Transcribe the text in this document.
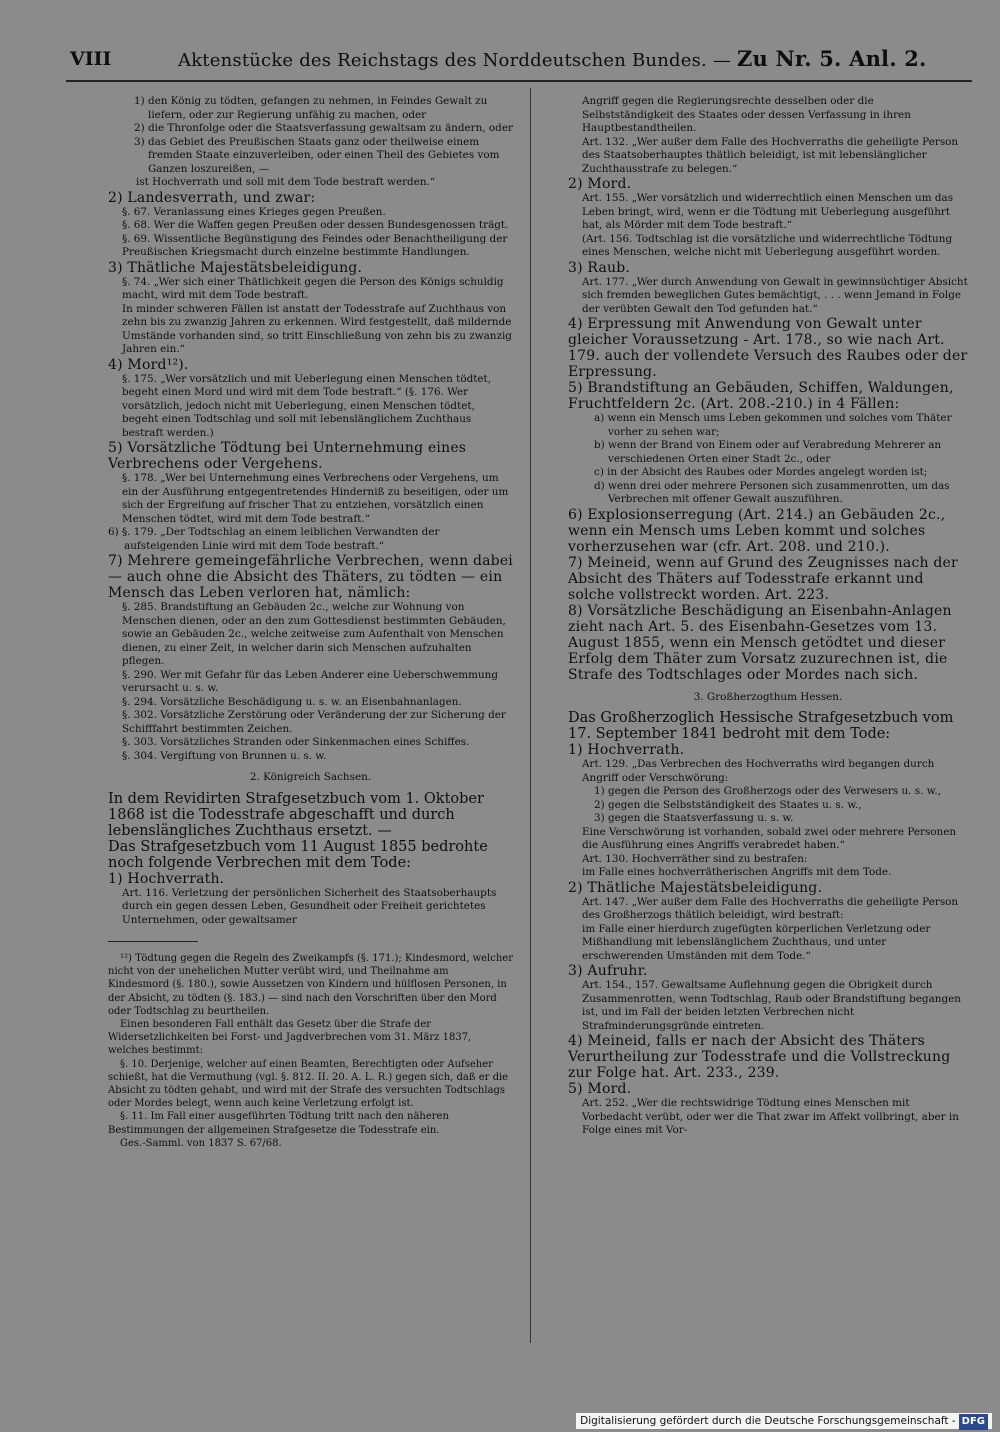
VIII	Aktenstücke des Reichstags des Norddeutschen Bundes. — Zu Nr. 5. Anl. 2.

1) den König zu tödten, gefangen zu nehmen, in Feindes Gewalt zu liefern, oder zur Regierung unfähig zu machen, oder

2) die Thronfolge oder die Staatsverfassung gewaltsam zu ändern, oder

3) das Gebiet des Preußischen Staats ganz oder theilweise einem fremden Staate einzuverleiben, oder einen Theil des Gebietes vom Ganzen loszureißen, —

ist Hochverrath und soll mit dem Tode bestraft werden.“

2) Landesverrath, und zwar:

§. 67. Veranlassung eines Krieges gegen Preußen.

§. 68. Wer die Waffen gegen Preußen oder dessen Bundesgenossen trägt.

§. 69. Wissentliche Begünstigung des Feindes oder Benachtheiligung der Preußischen Kriegsmacht durch einzelne bestimmte Handlungen.

3) Thätliche Majestätsbeleidigung.

§. 74. „Wer sich einer Thätlichkeit gegen die Person des Königs schuldig macht, wird mit dem Tode bestraft.

In minder schweren Fällen ist anstatt der Todesstrafe auf Zuchthaus von zehn bis zu zwanzig Jahren zu erkennen. Wird festgestellt, daß mildernde Umstände vorhanden sind, so tritt Einschließung von zehn bis zu zwanzig Jahren ein.“

4) Mord¹²).

§. 175. „Wer vorsätzlich und mit Ueberlegung einen Menschen tödtet, begeht einen Mord und wird mit dem Tode bestraft.“ (§. 176. Wer vorsätzlich, jedoch nicht mit Ueberlegung, einen Menschen tödtet, begeht einen Todtschlag und soll mit lebenslänglichem Zuchthaus bestraft werden.)

5) Vorsätzliche Tödtung bei Unternehmung eines Verbrechens oder Vergehens.

§. 178. „Wer bei Unternehmung eines Verbrechens oder Vergehens, um ein der Ausführung entgegentretendes Hinderniß zu beseitigen, oder um sich der Ergreifung auf frischer That zu entziehen, vorsätzlich einen Menschen tödtet, wird mit dem Tode bestraft.“

6) §. 179. „Der Todtschlag an einem leiblichen Verwandten der aufsteigenden Linie wird mit dem Tode bestraft.“

7) Mehrere gemeingefährliche Verbrechen, wenn dabei — auch ohne die Absicht des Thäters, zu tödten — ein Mensch das Leben verloren hat, nämlich:

§. 285. Brandstiftung an Gebäuden 2c., welche zur Wohnung von Menschen dienen, oder an den zum Gottesdienst bestimmten Gebäuden, sowie an Gebäuden 2c., welche zeitweise zum Aufenthalt von Menschen dienen, zu einer Zeit, in welcher darin sich Menschen aufzuhalten pflegen.

§. 290. Wer mit Gefahr für das Leben Anderer eine Ueberschwemmung verursacht u. s. w.

§. 294. Vorsätzliche Beschädigung u. s. w. an Eisenbahnanlagen.

§. 302. Vorsätzliche Zerstörung oder Veränderung der zur Sicherung der Schifffahrt bestimmten Zeichen.

§. 303. Vorsätzliches Stranden oder Sinkenmachen eines Schiffes.

§. 304. Vergiftung von Brunnen u. s. w.

2. Königreich Sachsen.

In dem Revidirten Strafgesetzbuch vom 1. Oktober 1868 ist die Todesstrafe abgeschafft und durch lebenslängliches Zuchthaus ersetzt. —

Das Strafgesetzbuch vom 11 August 1855 bedrohte noch folgende Verbrechen mit dem Tode:

1) Hochverrath.

Art. 116. Verletzung der persönlichen Sicherheit des Staatsoberhaupts durch ein gegen dessen Leben, Gesundheit oder Freiheit gerichtetes Unternehmen, oder gewaltsamer

¹²) Tödtung gegen die Regeln des Zweikampfs (§. 171.); Kindesmord, welcher nicht von der unehelichen Mutter verübt wird, und Theilnahme am Kindesmord (§. 180.), sowie Aussetzen von Kindern und hülflosen Personen, in der Absicht, zu tödten (§. 183.) — sind nach den Vorschriften über den Mord oder Todtschlag zu beurtheilen.

Einen besonderen Fall enthält das Gesetz über die Strafe der Widersetzlichkeiten bei Forst- und Jagdverbrechen vom 31. März 1837, welches bestimmt:

§. 10. Derjenige, welcher auf einen Beamten, Berechtigten oder Aufseher schießt, hat die Vermuthung (vgl. §. 812. II. 20. A. L. R.) gegen sich, daß er die Absicht zu tödten gehabt, und wird mit der Strafe des versuchten Todtschlags oder Mordes belegt, wenn auch keine Verletzung erfolgt ist.

§. 11. Im Fall einer ausgeführten Tödtung tritt nach den näheren Bestimmungen der allgemeinen Strafgesetze die Todesstrafe ein.

Ges.-Samml. von 1837 S. 67/68.

Angriff gegen die Regierungsrechte desselben oder die Selbstständigkeit des Staates oder dessen Verfassung in ihren Hauptbestandtheilen.

Art. 132. „Wer außer dem Falle des Hochverraths die geheiligte Person des Staatsoberhauptes thätlich beleidigt, ist mit lebenslänglicher Zuchthausstrafe zu belegen.“

2) Mord.

Art. 155. „Wer vorsätzlich und widerrechtlich einen Menschen um das Leben bringt, wird, wenn er die Tödtung mit Ueberlegung ausgeführt hat, als Mörder mit dem Tode bestraft.“

(Art. 156. Todtschlag ist die vorsätzliche und widerrechtliche Tödtung eines Menschen, welche nicht mit Ueberlegung ausgeführt worden.

3) Raub.

Art. 177. „Wer durch Anwendung von Gewalt in gewinnsüchtiger Absicht sich fremden beweglichen Gutes bemächtigt, . . . wenn Jemand in Folge der verübten Gewalt den Tod gefunden hat.“

4) Erpressung mit Anwendung von Gewalt unter gleicher Voraussetzung - Art. 178., so wie nach Art. 179. auch der vollendete Versuch des Raubes oder der Erpressung.

5) Brandstiftung an Gebäuden, Schiffen, Waldungen, Fruchtfeldern 2c. (Art. 208.-210.) in 4 Fällen:

a) wenn ein Mensch ums Leben gekommen und solches vom Thäter vorher zu sehen war;

b) wenn der Brand von Einem oder auf Verabredung Mehrerer an verschiedenen Orten einer Stadt 2c., oder

c) in der Absicht des Raubes oder Mordes angelegt worden ist;

d) wenn drei oder mehrere Personen sich zusammenrotten, um das Verbrechen mit offener Gewalt auszuführen.

6) Explosionserregung (Art. 214.) an Gebäuden 2c., wenn ein Mensch ums Leben kommt und solches vorherzusehen war (cfr. Art. 208. und 210.).

7) Meineid, wenn auf Grund des Zeugnisses nach der Absicht des Thäters auf Todesstrafe erkannt und solche vollstreckt worden. Art. 223.

8) Vorsätzliche Beschädigung an Eisenbahn-Anlagen zieht nach Art. 5. des Eisenbahn-Gesetzes vom 13. August 1855, wenn ein Mensch getödtet und dieser Erfolg dem Thäter zum Vorsatz zuzurechnen ist, die Strafe des Todtschlages oder Mordes nach sich.

3. Großherzogthum Hessen.

Das Großherzoglich Hessische Strafgesetzbuch vom 17. September 1841 bedroht mit dem Tode:

1) Hochverrath.

Art. 129. „Das Verbrechen des Hochverraths wird begangen durch Angriff oder Verschwörung:

1) gegen die Person des Großherzogs oder des Verwesers u. s. w.,

2) gegen die Selbstständigkeit des Staates u. s. w.,

3) gegen die Staatsverfassung u. s. w.

Eine Verschwörung ist vorhanden, sobald zwei oder mehrere Personen die Ausführung eines Angriffs verabredet haben.“

Art. 130. Hochverräther sind zu bestrafen:

im Falle eines hochverrätherischen Angriffs mit dem Tode.

2) Thätliche Majestätsbeleidigung.

Art. 147. „Wer außer dem Falle des Hochverraths die geheiligte Person des Großherzogs thätlich beleidigt, wird bestraft:

im Falle einer hierdurch zugefügten körperlichen Verletzung oder Mißhandlung mit lebenslänglichem Zuchthaus, und unter erschwerenden Umständen mit dem Tode.“

3) Aufruhr.

Art. 154., 157. Gewaltsame Auflehnung gegen die Obrigkeit durch Zusammenrotten, wenn Todtschlag, Raub oder Brandstiftung begangen ist, und im Fall der beiden letzten Verbrechen nicht Strafminderungsgründe eintreten.

4) Meineid, falls er nach der Absicht des Thäters Verurtheilung zur Todesstrafe und die Vollstreckung zur Folge hat. Art. 233., 239.

5) Mord.

Art. 252. „Wer die rechtswidrige Tödtung eines Menschen mit Vorbedacht verübt, oder wer die That zwar im Affekt vollbringt, aber in Folge eines mit Vor-

Digitalisierung gefördert durch die Deutsche Forschungsgemeinschaft - DFG
